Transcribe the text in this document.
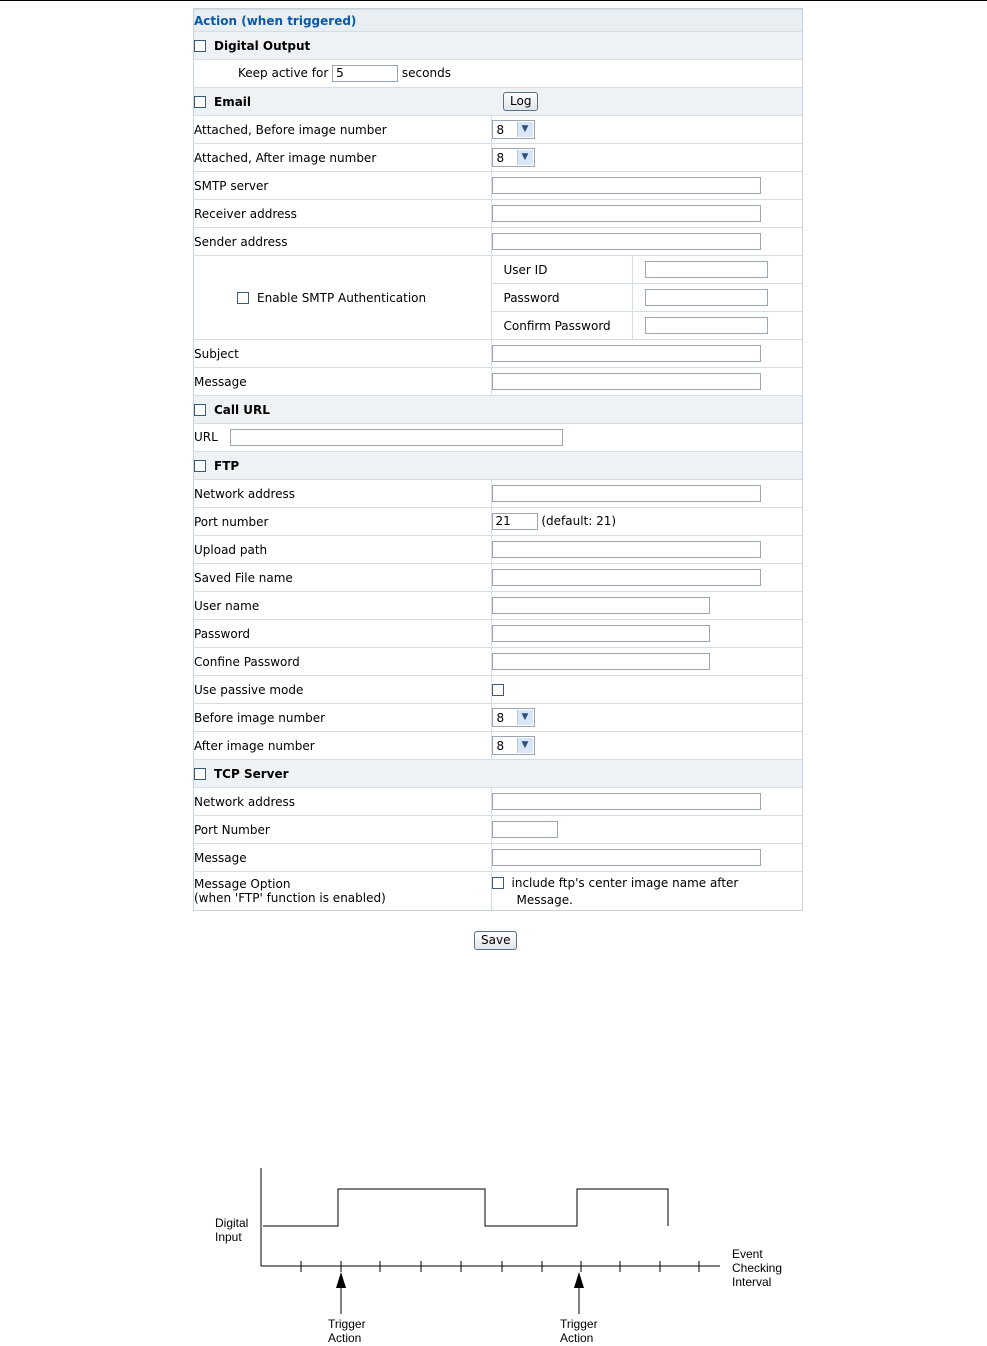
Action (when triggered)
Digital Output
Keep active for 5	seconds
Email	Log
Attached, Before image number	8	▼

Attached, After image number	8	▼

SMTP server	
Receiver address	
Sender address	
Enable SMTP Authentication	
User ID	
Password	
Confirm Password	

Subject	
Message	
Call URL
URL
FTP
Network address	
Port number	21	(default: 21)
Upload path	
Saved File name	
User name	
Password	
Confine Password	
Use passive mode	
Before image number	8	▼

After image number	8	▼

TCP Server
Network address	
Port Number	
Message	
Message Option
(when 'FTP' function is enabled)	include ftp's center image name after
Message.
Save
Digital
Input
Event
Checking
Interval
Trigger
Action
Trigger
Action
